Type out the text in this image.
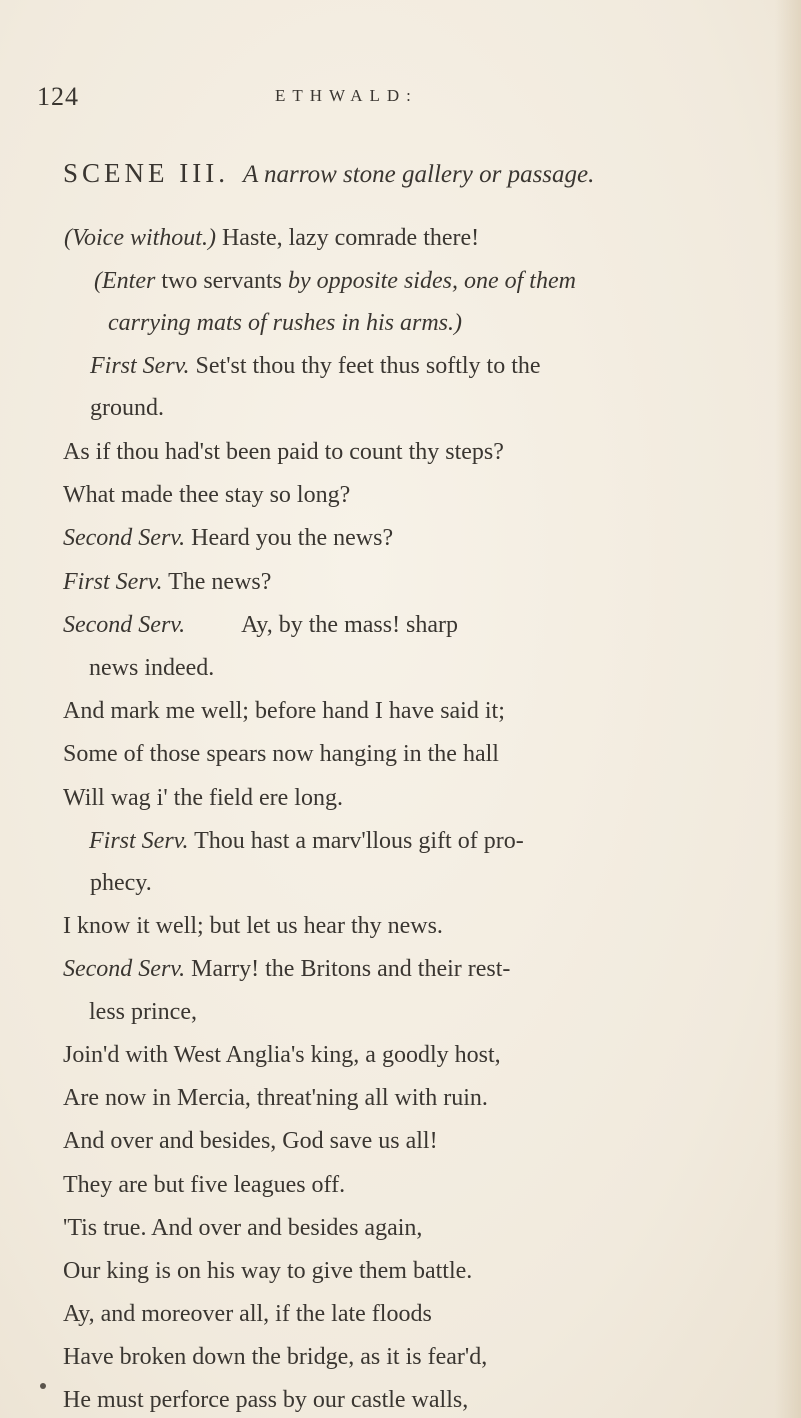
124	ETHWALD:
SCENE III. A narrow stone gallery or passage.
(Voice without.) Haste, lazy comrade there!
(Enter two servants by opposite sides, one of them
carrying mats of rushes in his arms.)
First Serv. Set'st thou thy feet thus softly to the
ground.
As if thou had'st been paid to count thy steps?
What made thee stay so long?
Second Serv. Heard you the news?
First Serv. The news?
Second Serv. Ay, by the mass! sharp
news indeed.
And mark me well; before hand I have said it;
Some of those spears now hanging in the hall
Will wag i' the field ere long.
First Serv. Thou hast a marv'llous gift of pro-
phecy.
I know it well; but let us hear thy news.
Second Serv. Marry! the Britons and their rest-
less prince,
Join'd with West Anglia's king, a goodly host,
Are now in Mercia, threat'ning all with ruin.
And over and besides, God save us all!
They are but five leagues off.
'Tis true. And over and besides again,
Our king is on his way to give them battle.
Ay, and moreover all, if the late floods
Have broken down the bridge, as it is fear'd,
He must perforce pass by our castle walls,
